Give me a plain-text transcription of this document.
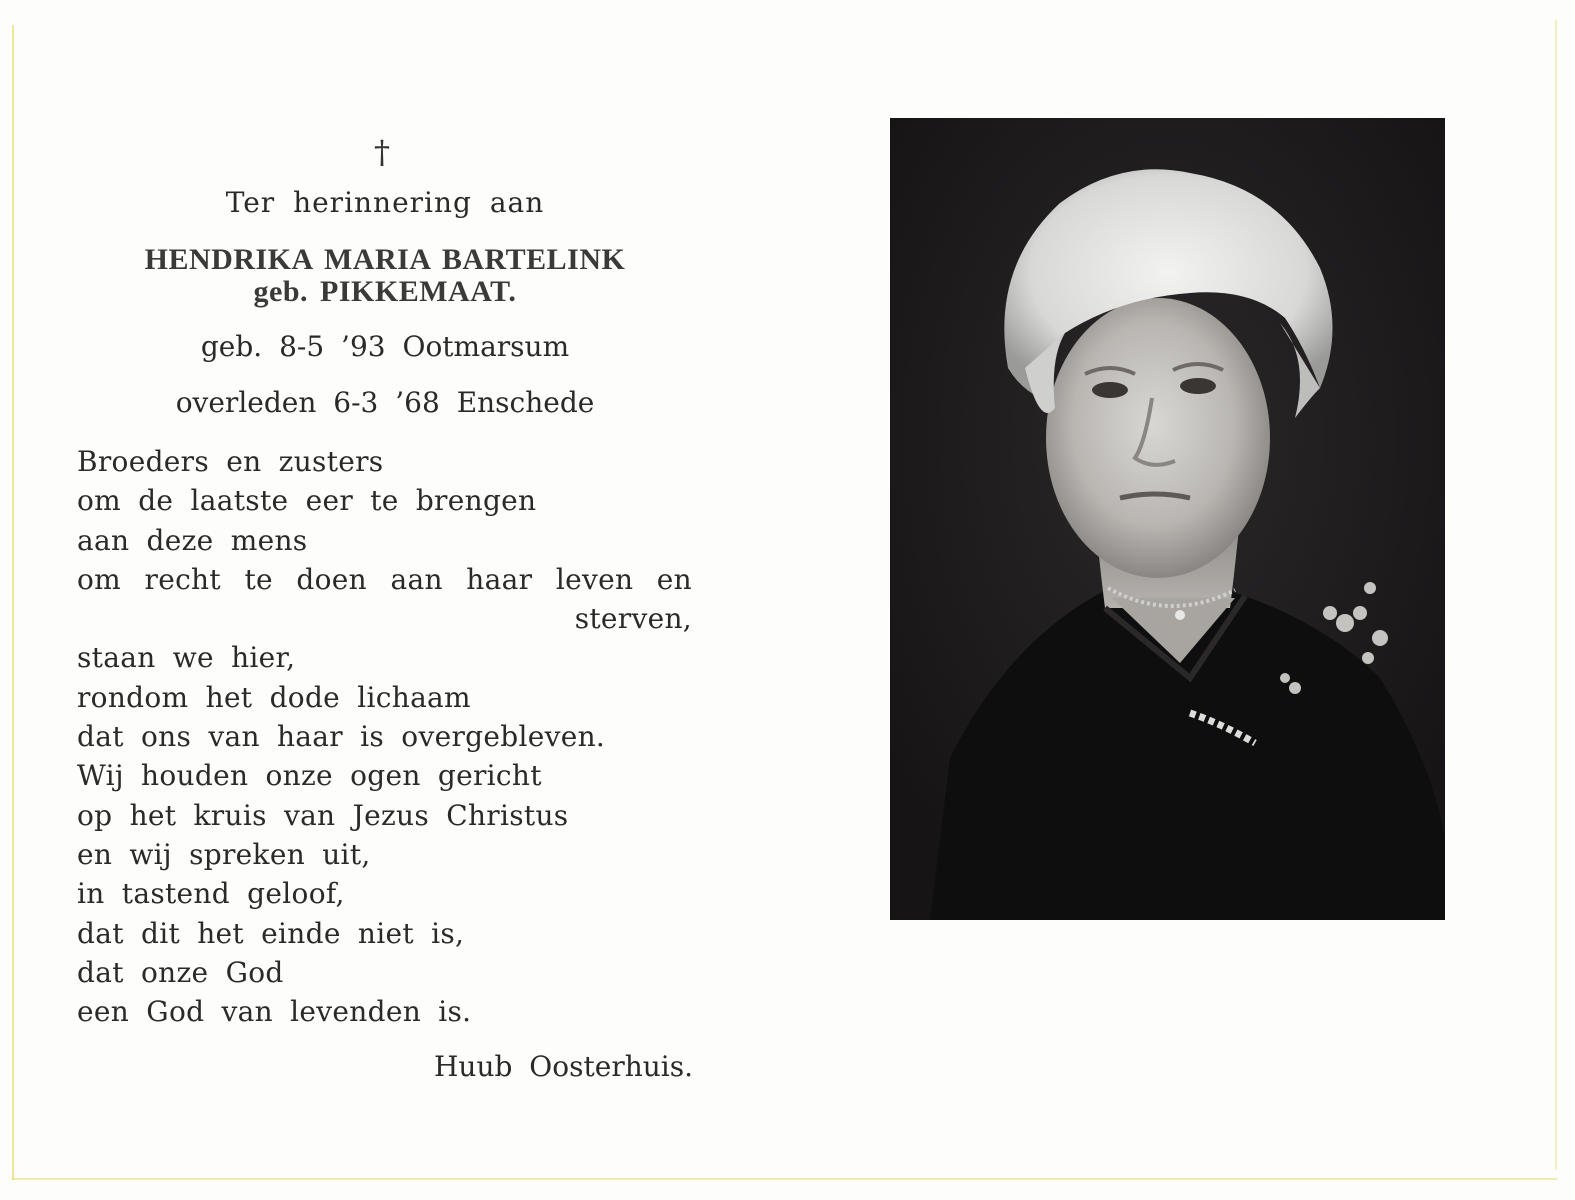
†
Ter herinnering aan
HENDRIKA MARIA BARTELINK
geb. PIKKEMAAT.
geb. 8-5 ’93 Ootmarsum
overleden 6-3 ’68 Enschede
Broeders en zusters
om de laatste eer te brengen
aan deze mens
om recht te doen aan haar leven en
sterven,
staan we hier,
rondom het dode lichaam
dat ons van haar is overgebleven.
Wij houden onze ogen gericht
op het kruis van Jezus Christus
en wij spreken uit,
in tastend geloof,
dat dit het einde niet is,
dat onze God
een God van levenden is.
Huub Oosterhuis.
